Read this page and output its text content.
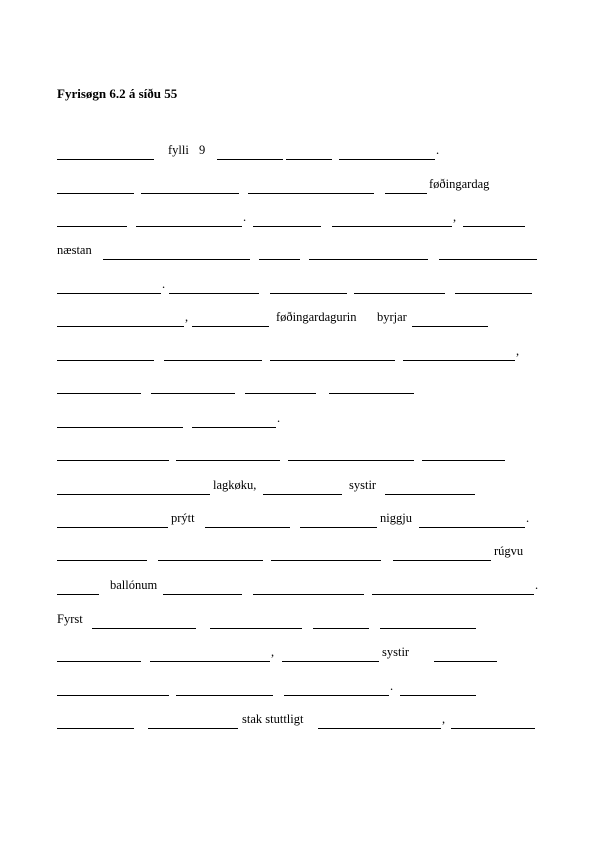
Fyrisøgn 6.2 á síðu 55
fylli 9	.
føðingardag
.	,
næstan
.
,	føðingardagurin byrjar
,
.
lagkøku,	systir
prýtt	niggju	.
rúgvu
ballónum	.
Fyrst
,	systir
.
stak stuttligt	,
